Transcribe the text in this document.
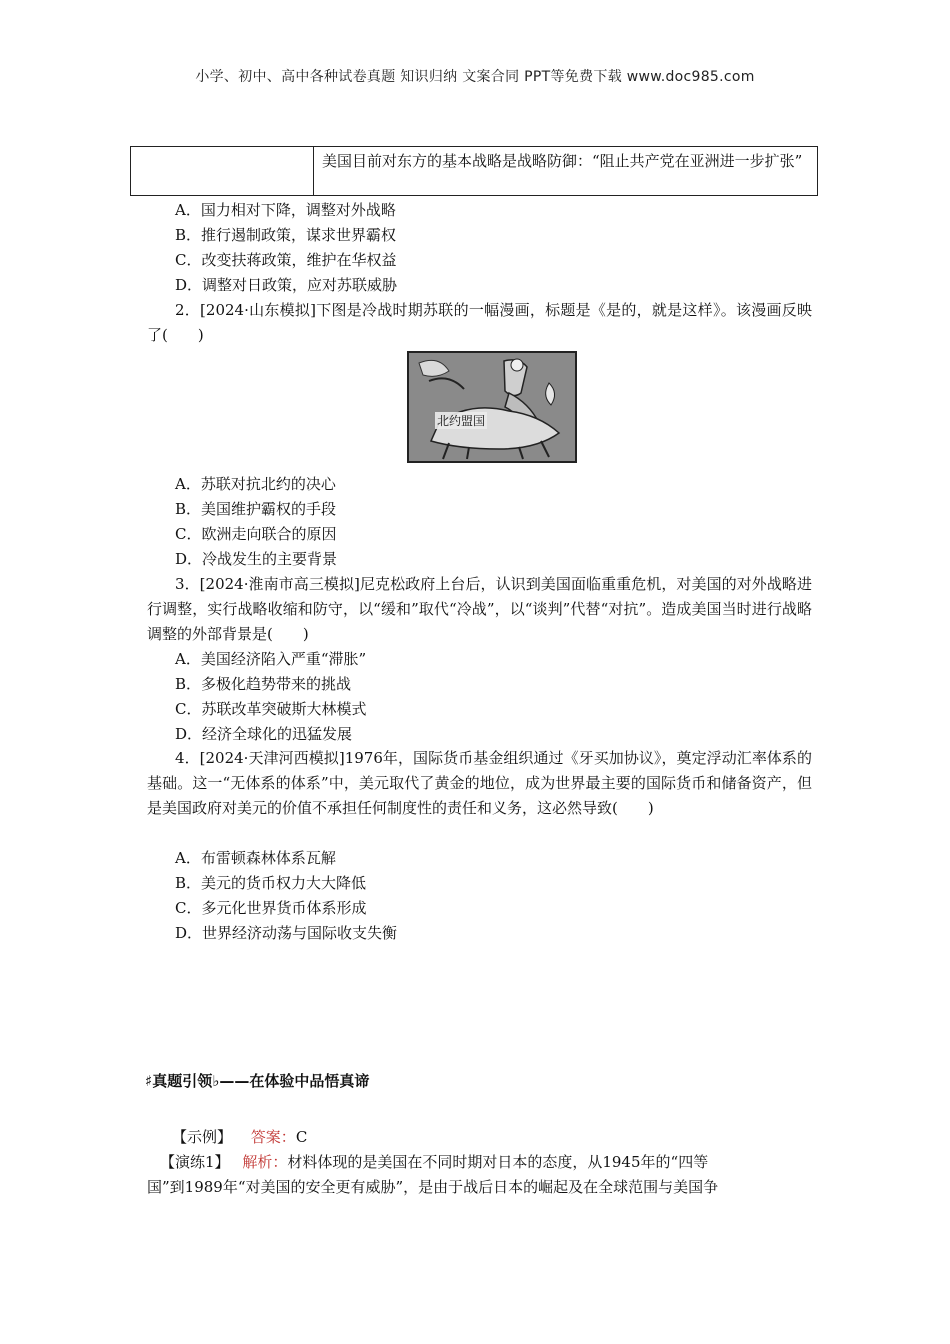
小学、初中、高中各种试卷真题 知识归纳 文案合同 PPT等免费下载 www.doc985.com
美国目前对东方的基本战略是战略防御：“阻止共产党在亚洲进一步扩张”
A．国力相对下降，调整对外战略
B．推行遏制政策，谋求世界霸权
C．改变扶蒋政策，维护在华权益
D．调整对日政策，应对苏联威胁
2．[2024·山东模拟]下图是冷战时期苏联的一幅漫画，标题是《是的，就是这样》。该漫画反映了(　　)
北约盟国
A．苏联对抗北约的决心
B．美国维护霸权的手段
C．欧洲走向联合的原因
D．冷战发生的主要背景
3．[2024·淮南市高三模拟]尼克松政府上台后，认识到美国面临重重危机，对美国的对外战略进行调整，实行战略收缩和防守，以“缓和”取代“冷战”，以“谈判”代替“对抗”。造成美国当时进行战略调整的外部背景是(　　)
A．美国经济陷入严重“滞胀”
B．多极化趋势带来的挑战
C．苏联改革突破斯大林模式
D．经济全球化的迅猛发展
4．[2024·天津河西模拟]1976年，国际货币基金组织通过《牙买加协议》，奠定浮动汇率体系的基础。这一“无体系的体系”中，美元取代了黄金的地位，成为世界最主要的国际货币和储备资产，但是美国政府对美元的价值不承担任何制度性的责任和义务，这必然导致(　　)
A．布雷顿森林体系瓦解
B．美元的货币权力大大降低
C．多元化世界货币体系形成
D．世界经济动荡与国际收支失衡
♯真题引领♭——在体验中品悟真谛
【示例】 答案：C
【演练1】 解析：材料体现的是美国在不同时期对日本的态度，从1945年的“四等
国”到1989年“对美国的安全更有威胁”，是由于战后日本的崛起及在全球范围与美国争
